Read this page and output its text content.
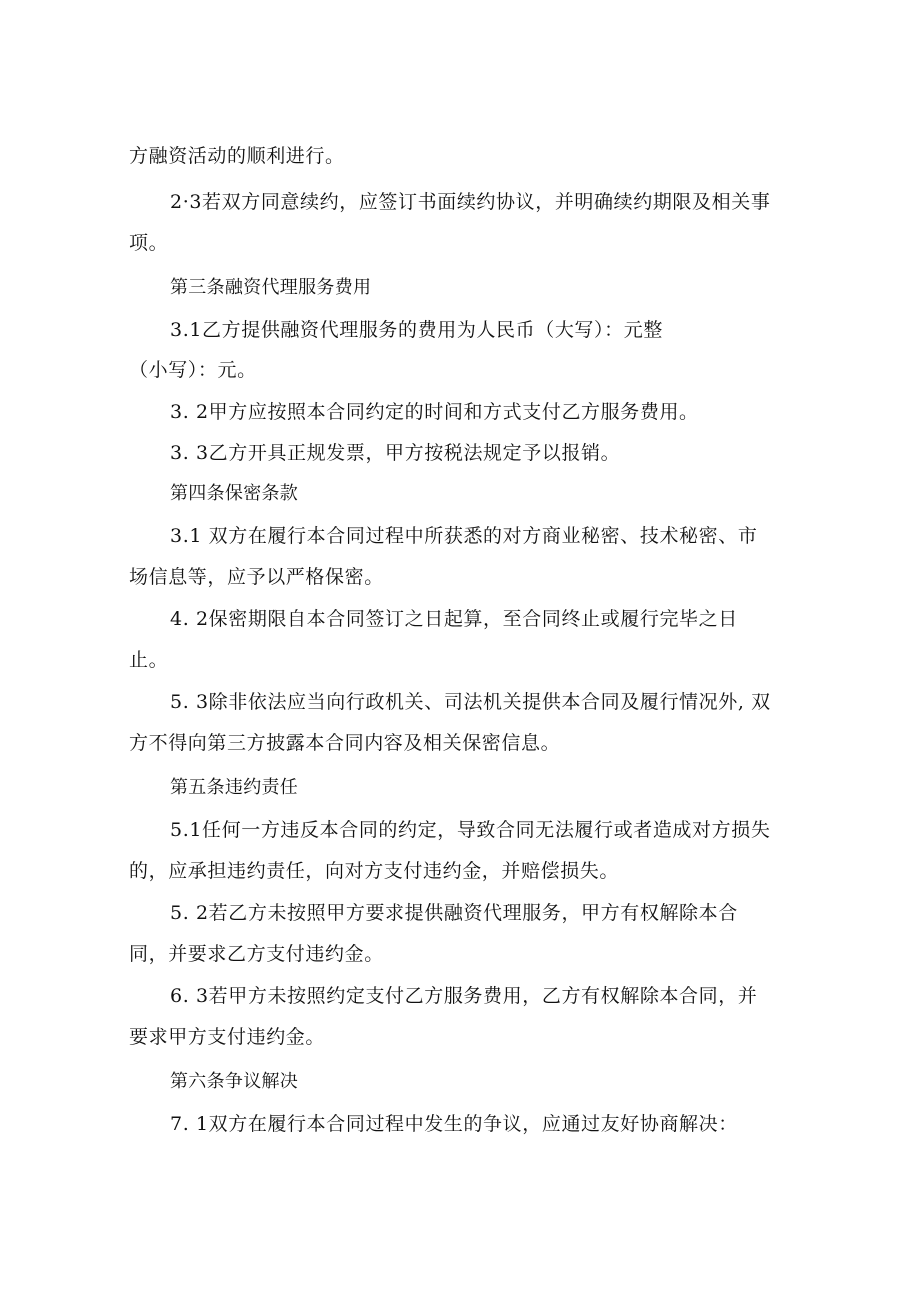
方融资活动的顺利进行。
2·3若双方同意续约，应签订书面续约协议，并明确续约期限及相关事
项。
第三条融资代理服务费用
3.1乙方提供融资代理服务的费用为人民币（大写）：元整
（小写）：元。
3. 2甲方应按照本合同约定的时间和方式支付乙方服务费用。
3. 3乙方开具正规发票，甲方按税法规定予以报销。
第四条保密条款
3.1 双方在履行本合同过程中所获悉的对方商业秘密、技术秘密、市
场信息等，应予以严格保密。
4. 2保密期限自本合同签订之日起算，至合同终止或履行完毕之日
止。
5. 3除非依法应当向行政机关、司法机关提供本合同及履行情况外, 双
方不得向第三方披露本合同内容及相关保密信息。
第五条违约责任
5.1任何一方违反本合同的约定，导致合同无法履行或者造成对方损失
的，应承担违约责任，向对方支付违约金，并赔偿损失。
5. 2若乙方未按照甲方要求提供融资代理服务，甲方有权解除本合
同，并要求乙方支付违约金。
6. 3若甲方未按照约定支付乙方服务费用，乙方有权解除本合同，并
要求甲方支付违约金。
第六条争议解决
7. 1双方在履行本合同过程中发生的争议，应通过友好协商解决：
